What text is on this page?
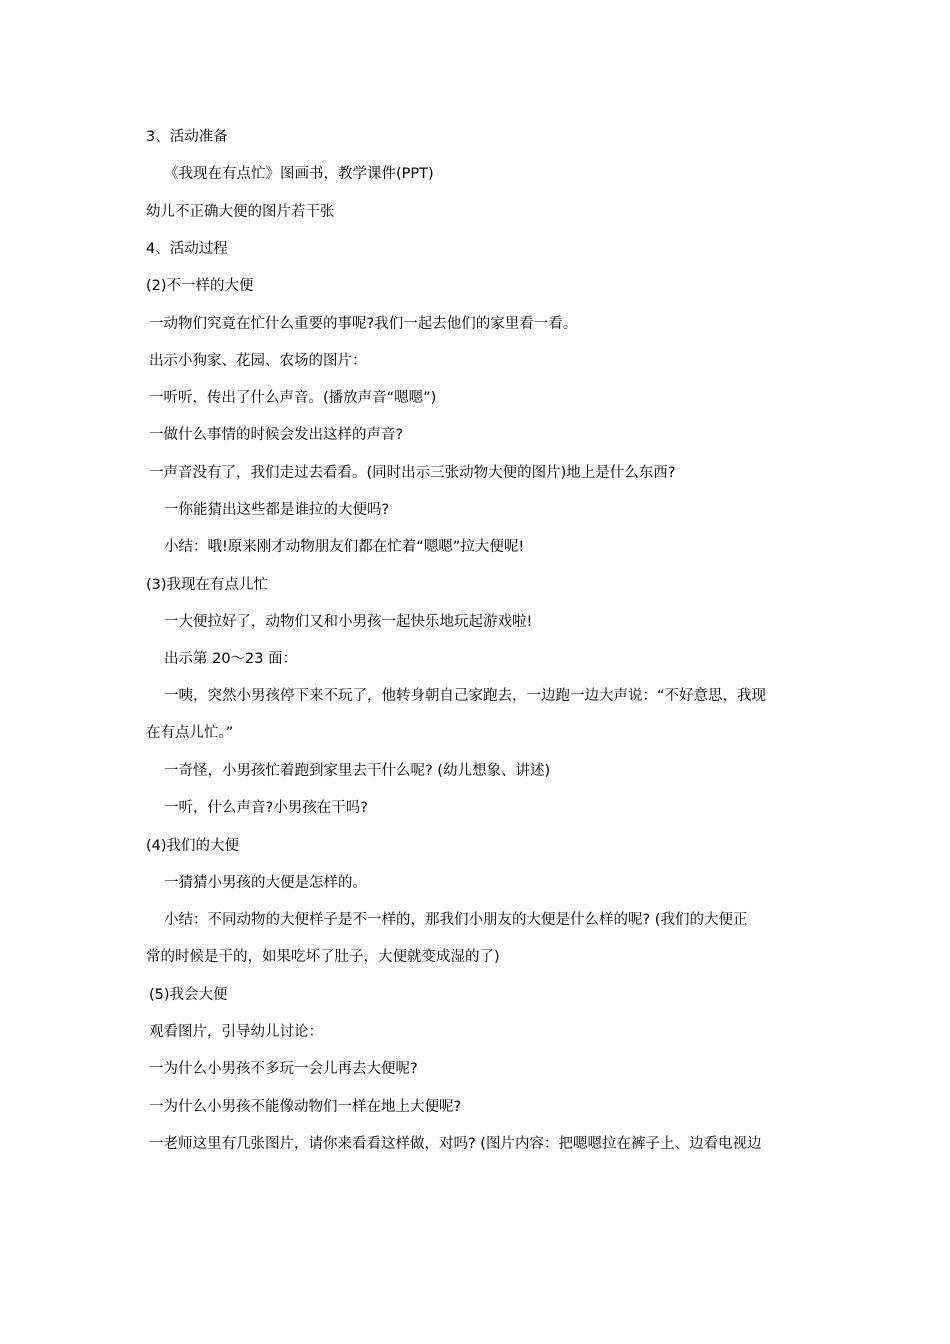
3、活动准备
《我现在有点忙》图画书，教学课件(PPT)
幼儿不正确大便的图片若干张
4、活动过程
(2)不一样的大便
一动物们究竟在忙什么重要的事呢?我们一起去他们的家里看一看。
出示小狗家、花园、农场的图片：
一听听，传出了什么声音。(播放声音“嗯嗯”)
一做什么事情的时候会发出这样的声音?
一声音没有了，我们走过去看看。(同时出示三张动物大便的图片)地上是什么东西?
一你能猜出这些都是谁拉的大便吗?
小结：哦!原来刚才动物朋友们都在忙着“嗯嗯”拉大便呢!
(3)我现在有点儿忙
一大便拉好了，动物们又和小男孩一起快乐地玩起游戏啦!
出示第 20～23 面：
一咦，突然小男孩停下来不玩了，他转身朝自己家跑去，一边跑一边大声说：“不好意思，我现
在有点儿忙。”
一奇怪，小男孩忙着跑到家里去干什么呢? (幼儿想象、讲述)
一听，什么声音?小男孩在干吗?
(4)我们的大便
一猜猜小男孩的大便是怎样的。
小结：不同动物的大便样子是不一样的，那我们小朋友的大便是什么样的呢? (我们的大便正
常的时候是干的，如果吃坏了肚子，大便就变成湿的了)
(5)我会大便
观看图片，引导幼儿讨论：
一为什么小男孩不多玩一会儿再去大便呢?
一为什么小男孩不能像动物们一样在地上大便呢?
一老师这里有几张图片，请你来看看这样做，对吗? (图片内容：把嗯嗯拉在裤子上、边看电视边
